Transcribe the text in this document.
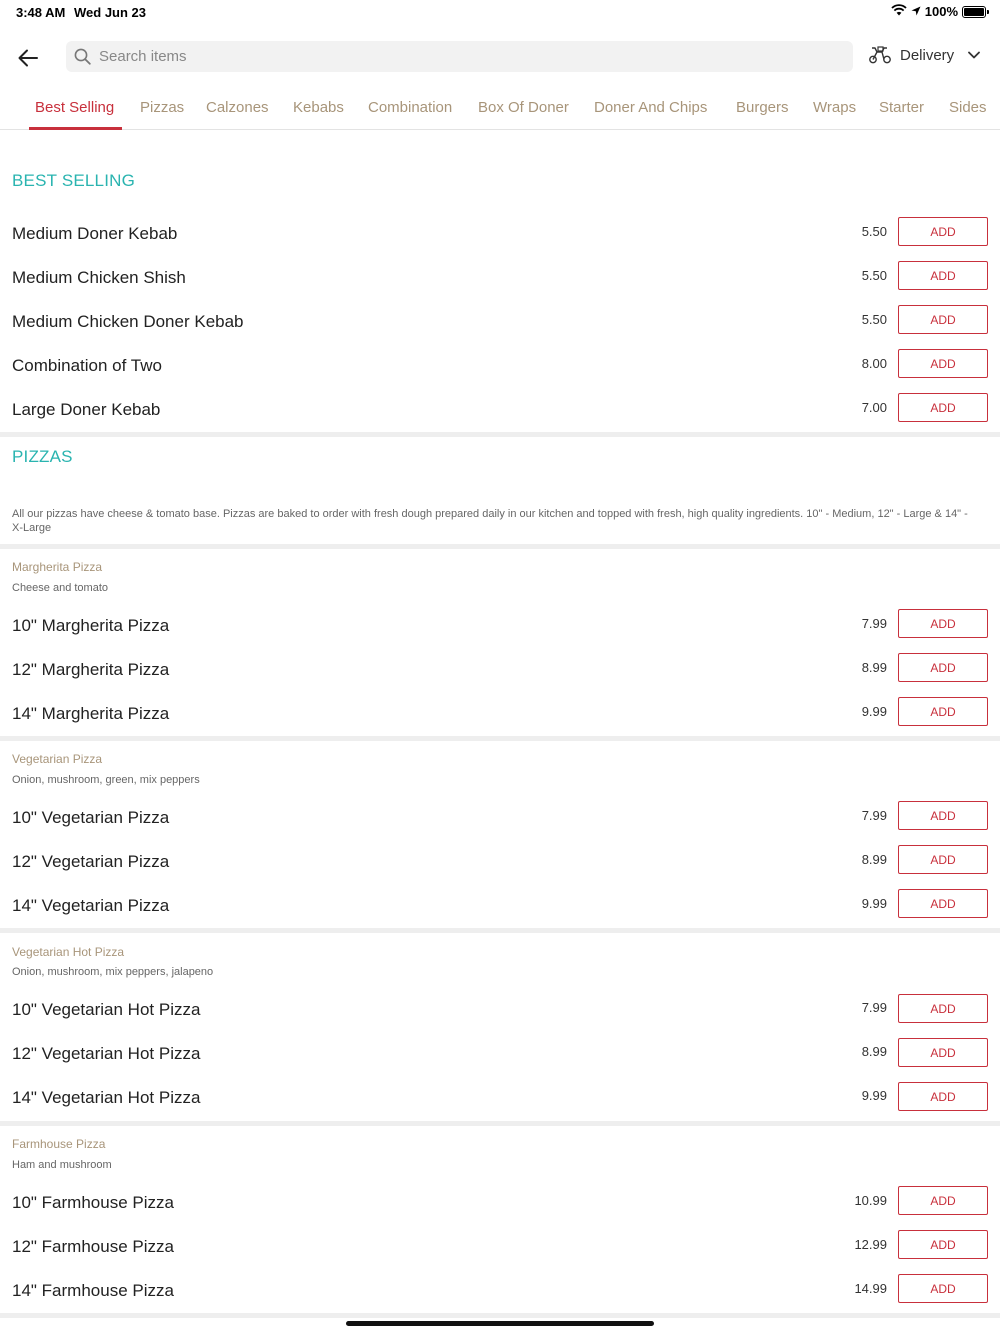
3:48 AM Wed Jun 23	100%
Search items
Delivery
Best Selling Pizzas Calzones Kebabs Combination Box Of Doner Doner And Chips Burgers Wraps Starter Sides
BEST SELLING
Medium Doner Kebab	5.50	ADD
Medium Chicken Shish	5.50	ADD
Medium Chicken Doner Kebab	5.50	ADD
Combination of Two	8.00	ADD
Large Doner Kebab	7.00	ADD
PIZZAS
All our pizzas have cheese & tomato base. Pizzas are baked to order with fresh dough prepared daily in our kitchen and topped with fresh, high quality ingredients. 10" - Medium, 12" - Large & 14" - X-Large
Margherita Pizza
Cheese and tomato
10" Margherita Pizza	7.99	ADD
12" Margherita Pizza	8.99	ADD
14" Margherita Pizza	9.99	ADD
Vegetarian Pizza
Onion, mushroom, green, mix peppers
10" Vegetarian Pizza	7.99	ADD
12" Vegetarian Pizza	8.99	ADD
14" Vegetarian Pizza	9.99	ADD
Vegetarian Hot Pizza
Onion, mushroom, mix peppers, jalapeno
10" Vegetarian Hot Pizza	7.99	ADD
12" Vegetarian Hot Pizza	8.99	ADD
14" Vegetarian Hot Pizza	9.99	ADD
Farmhouse Pizza
Ham and mushroom
10" Farmhouse Pizza	10.99	ADD
12" Farmhouse Pizza	12.99	ADD
14" Farmhouse Pizza	14.99	ADD
